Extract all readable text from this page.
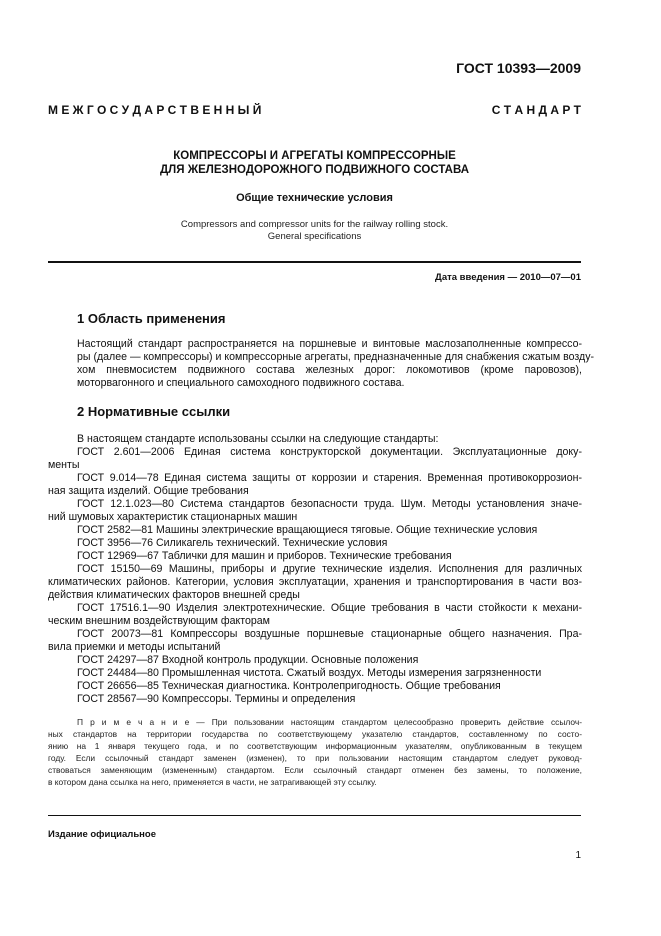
ГОСТ 10393—2009
М Е Ж Г О С У Д А Р С Т В Е Н Н Ы Й	С Т А Н Д А Р Т
КОМПРЕССОРЫ И АГРЕГАТЫ КОМПРЕССОРНЫЕ
ДЛЯ ЖЕЛЕЗНОДОРОЖНОГО ПОДВИЖНОГО СОСТАВА
Общие технические условия
Compressors and compressor units for the railway rolling stock.
General specifications
Дата введения — 2010—07—01
1 Область применения
Настоящий стандарт распространяется на поршневые и винтовые маслозаполненные компрессо-
ры (далее — компрессоры) и компрессорные агрегаты, предназначенные для снабжения сжатым возду-
хом пневмосистем подвижного состава железных дорог: локомотивов (кроме паровозов),
моторвагонного и специального самоходного подвижного состава.
2 Нормативные ссылки
В настоящем стандарте использованы ссылки на следующие стандарты:
ГОСТ 2.601—2006 Единая система конструкторской документации. Эксплуатационные доку-
менты
ГОСТ 9.014—78 Единая система защиты от коррозии и старения. Временная противокоррозион-
ная защита изделий. Общие требования
ГОСТ 12.1.023—80 Система стандартов безопасности труда. Шум. Методы установления значе-
ний шумовых характеристик стационарных машин
ГОСТ 2582—81 Машины электрические вращающиеся тяговые. Общие технические условия
ГОСТ 3956—76 Силикагель технический. Технические условия
ГОСТ 12969—67 Таблички для машин и приборов. Технические требования
ГОСТ 15150—69 Машины, приборы и другие технические изделия. Исполнения для различных
климатических районов. Категории, условия эксплуатации, хранения и транспортирования в части воз-
действия климатических факторов внешней среды
ГОСТ 17516.1—90 Изделия электротехнические. Общие требования в части стойкости к механи-
ческим внешним воздействующим факторам
ГОСТ 20073—81 Компрессоры воздушные поршневые стационарные общего назначения. Пра-
вила приемки и методы испытаний
ГОСТ 24297—87 Входной контроль продукции. Основные положения
ГОСТ 24484—80 Промышленная чистота. Сжатый воздух. Методы измерения загрязненности
ГОСТ 26656—85 Техническая диагностика. Контролепригодность. Общие требования
ГОСТ 28567—90 Компрессоры. Термины и определения
П р и м е ч а н и е — При пользовании настоящим стандартом целесообразно проверить действие ссылоч-
ных стандартов на территории государства по соответствующему указателю стандартов, составленному по состо-
янию на 1 января текущего года, и по соответствующим информационным указателям, опубликованным в текущем
году. Если ссылочный стандарт заменен (изменен), то при пользовании настоящим стандартом следует руковод-
ствоваться заменяющим (измененным) стандартом. Если ссылочный стандарт отменен без замены, то положение,
в котором дана ссылка на него, применяется в части, не затрагивающей эту ссылку.
Издание официальное
1
